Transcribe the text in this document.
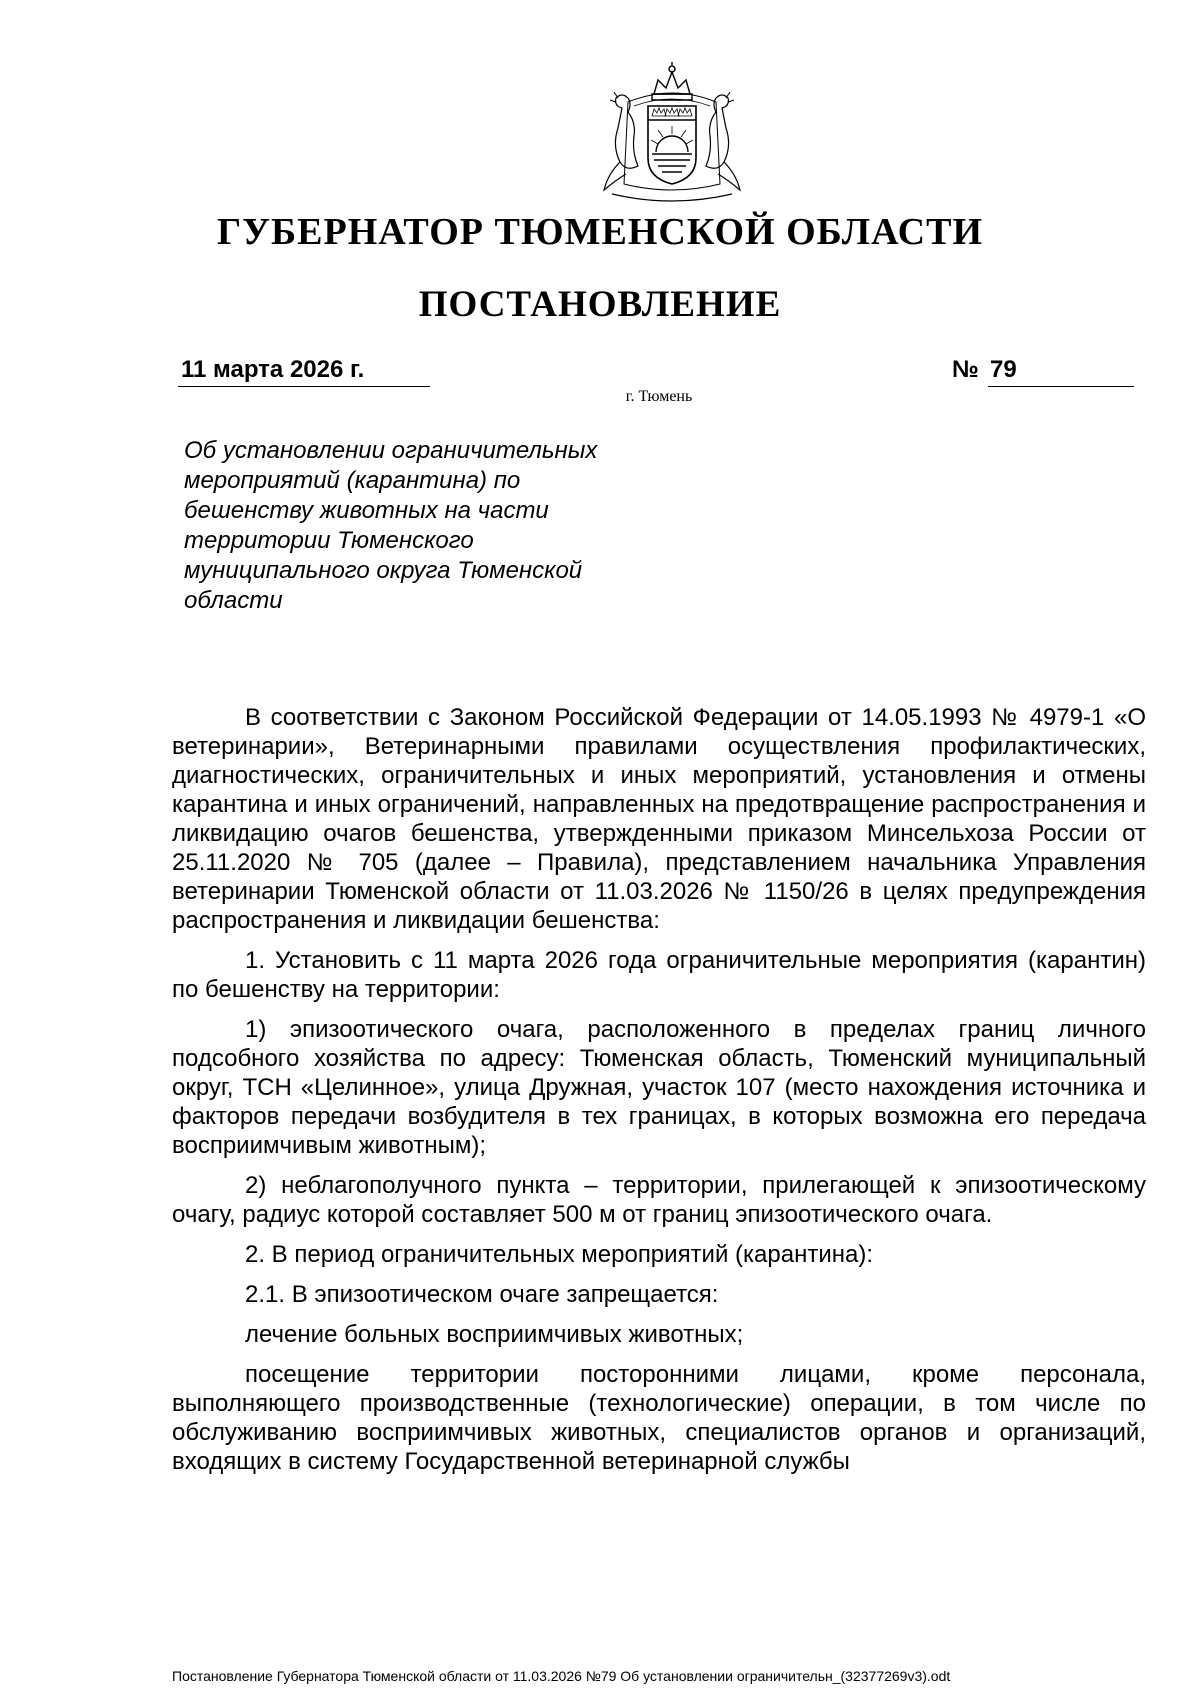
ГУБЕРНАТОР ТЮМЕНСКОЙ ОБЛАСТИ
ПОСТАНОВЛЕНИЕ
11 марта 2026 г.	№ 79
г. Тюмень

Об установлении ограничительных мероприятий (карантина) по бешенству животных на части территории Тюменского муниципального округа Тюменской области

В соответствии с Законом Российской Федерации от 14.05.1993 № 4979-1 «О ветеринарии», Ветеринарными правилами осуществления профилактических, диагностических, ограничительных и иных мероприятий, установления и отмены карантина и иных ограничений, направленных на предотвращение распространения и ликвидацию очагов бешенства, утвержденными приказом Минсельхоза России от 25.11.2020 № 705 (далее – Правила), представлением начальника Управления ветеринарии Тюменской области от 11.03.2026 № 1150/26 в целях предупреждения распространения и ликвидации бешенства:

1. Установить с 11 марта 2026 года ограничительные мероприятия (карантин) по бешенству на территории:

1) эпизоотического очага, расположенного в пределах границ личного подсобного хозяйства по адресу: Тюменская область, Тюменский муниципальный округ, ТСН «Целинное», улица Дружная, участок 107 (место нахождения источника и факторов передачи возбудителя в тех границах, в которых возможна его передача восприимчивым животным);

2) неблагополучного пункта – территории, прилегающей к эпизоотическому очагу, радиус которой составляет 500 м от границ эпизоотического очага.

2. В период ограничительных мероприятий (карантина):

2.1. В эпизоотическом очаге запрещается:

лечение больных восприимчивых животных;

посещение территории посторонними лицами, кроме персонала, выполняющего производственные (технологические) операции, в том числе по обслуживанию восприимчивых животных, специалистов органов и организаций, входящих в систему Государственной ветеринарной службы

Постановление Губернатора Тюменской области от 11.03.2026 №79 Об установлении ограничительн_(32377269v3).odt
